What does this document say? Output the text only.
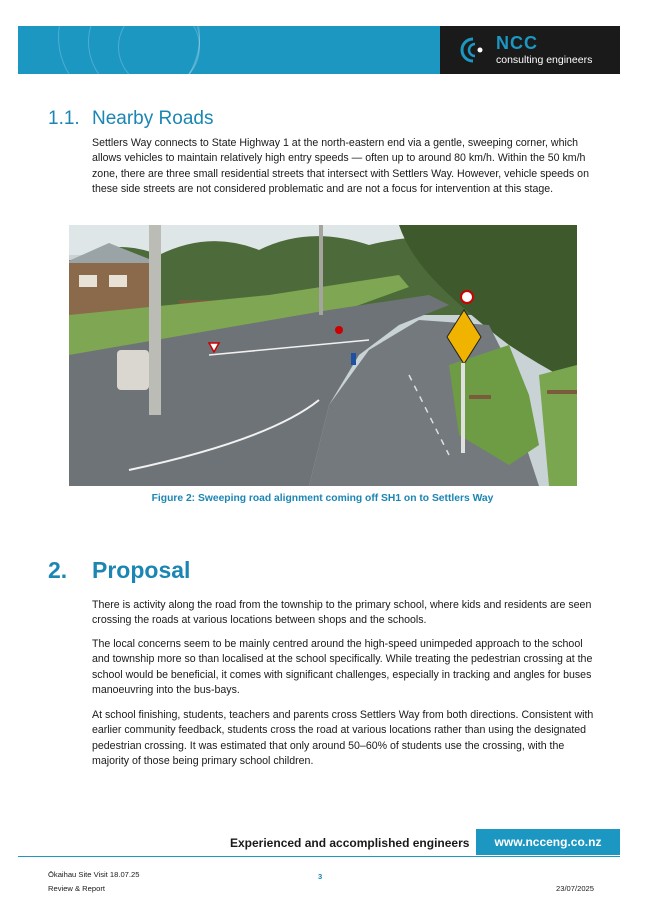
NCC
consulting engineers
1.1. Nearby Roads

Settlers Way connects to State Highway 1 at the north-eastern end via a gentle, sweeping corner, which allows vehicles to maintain relatively high entry speeds — often up to around 80 km/h. Within the 50 km/h zone, there are three small residential streets that intersect with Settlers Way. However, vehicle speeds on these side streets are not considered problematic and are not a focus for intervention at this stage.

Figure 2: Sweeping road alignment coming off SH1 on to Settlers Way
2. Proposal

There is activity along the road from the township to the primary school, where kids and residents are seen crossing the roads at various locations between shops and the schools.

The local concerns seem to be mainly centred around the high-speed unimpeded approach to the school and township more so than localised at the school specifically. While treating the pedestrian crossing at the school would be beneficial, it comes with significant challenges, especially in tracking and angles for buses manoeuvring into the bus-bays.

At school finishing, students, teachers and parents cross Settlers Way from both directions. Consistent with earlier community feedback, students cross the road at various locations rather than using the designated pedestrian crossing. It was estimated that only around 50–60% of students use the crossing, with the majority of those being primary school children.

Experienced and accomplished engineers	www.ncceng.co.nz
Ōkaihau Site Visit 18.07.25
Review & Report
3
23/07/2025
